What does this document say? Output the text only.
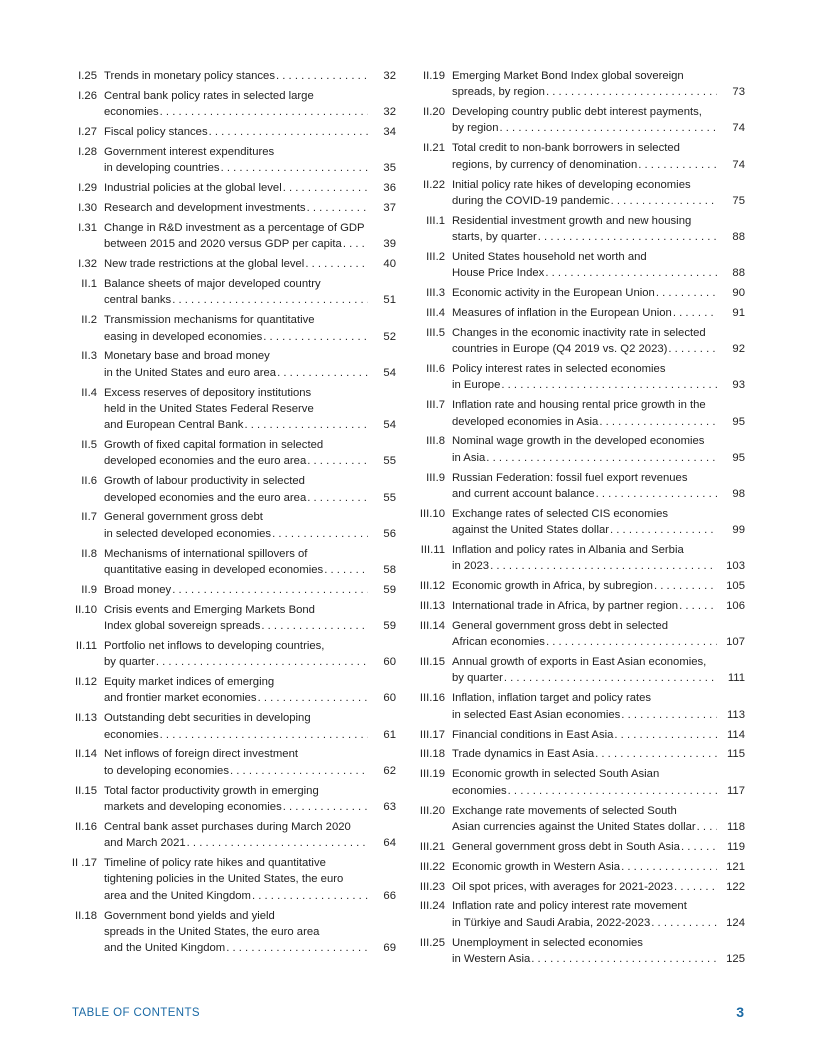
I.25 Trends in monetary policy stances . . .	32
I.26 Central bank policy rates in selected large
economies . . .	32
I.27 Fiscal policy stances . . .	34
I.28 Government interest expenditures
in developing countries . . .	35
I.29 Industrial policies at the global level . . .	36
I.30 Research and development investments . . .	37
I.31 Change in R&D investment as a percentage of GDP
between 2015 and 2020 versus GDP per capita . . .	39
I.32 New trade restrictions at the global level . . .	40
II.1 Balance sheets of major developed country
central banks . . .	51
II.2 Transmission mechanisms for quantitative
easing in developed economies . . .	52
II.3 Monetary base and broad money
in the United States and euro area . . .	54
II.4 Excess reserves of depository institutions
held in the United States Federal Reserve
and European Central Bank . . .	54
II.5 Growth of fixed capital formation in selected
developed economies and the euro area . . .	55
II.6 Growth of labour productivity in selected
developed economies and the euro area . . .	55
II.7 General government gross debt
in selected developed economies . . .	56
II.8 Mechanisms of international spillovers of
quantitative easing in developed economies . . .	58
II.9 Broad money . . .	59
II.10 Crisis events and Emerging Markets Bond
Index global sovereign spreads . . .	59
II.11 Portfolio net inflows to developing countries,
by quarter . . .	60
II.12 Equity market indices of emerging
and frontier market economies . . .	60
II.13 Outstanding debt securities in developing
economies . . .	61
II.14 Net inflows of foreign direct investment
to developing economies . . .	62
II.15 Total factor productivity growth in emerging
markets and developing economies . . .	63
II.16 Central bank asset purchases during March 2020
and March 2021 . . .	64
II .17 Timeline of policy rate hikes and quantitative
tightening policies in the United States, the euro
area and the United Kingdom . . .	66
II.18 Government bond yields and yield
spreads in the United States, the euro area
and the United Kingdom . . .	69
II.19 Emerging Market Bond Index global sovereign
spreads, by region . . .	73
II.20 Developing country public debt interest payments,
by region . . .	74
II.21 Total credit to non-bank borrowers in selected
regions, by currency of denomination . . .	74
II.22 Initial policy rate hikes of developing economies
during the COVID-19 pandemic . . .	75
III.1 Residential investment growth and new housing
starts, by quarter . . .	88
III.2 United States household net worth and
House Price Index . . .	88
III.3 Economic activity in the European Union . . .	90
III.4 Measures of inflation in the European Union . . .	91
III.5 Changes in the economic inactivity rate in selected
countries in Europe (Q4 2019 vs. Q2 2023) . . .	92
III.6 Policy interest rates in selected economies
in Europe . . .	93
III.7 Inflation rate and housing rental price growth in the
developed economies in Asia . . .	95
III.8 Nominal wage growth in the developed economies
in Asia . . .	95
III.9 Russian Federation: fossil fuel export revenues
and current account balance . . .	98
III.10 Exchange rates of selected CIS economies
against the United States dollar . . .	99
III.11 Inflation and policy rates in Albania and Serbia
in 2023 . . .	103
III.12 Economic growth in Africa, by subregion . . .	105
III.13 International trade in Africa, by partner region . . .	106
III.14 General government gross debt in selected
African economies . . .	107
III.15 Annual growth of exports in East Asian economies,
by quarter . . .	111
III.16 Inflation, inflation target and policy rates
in selected East Asian economies . . .	113
III.17 Financial conditions in East Asia . . .	114
III.18 Trade dynamics in East Asia . . .	115
III.19 Economic growth in selected South Asian
economies . . .	117
III.20 Exchange rate movements of selected South
Asian currencies against the United States dollar . . .	118
III.21 General government gross debt in South Asia . . .	119
III.22 Economic growth in Western Asia . . .	121
III.23 Oil spot prices, with averages for 2021-2023 . . .	122
III.24 Inflation rate and policy interest rate movement
in Türkiye and Saudi Arabia, 2022-2023 . . .	124
III.25 Unemployment in selected economies
in Western Asia . . .	125
TABLE OF CONTENTS	3
